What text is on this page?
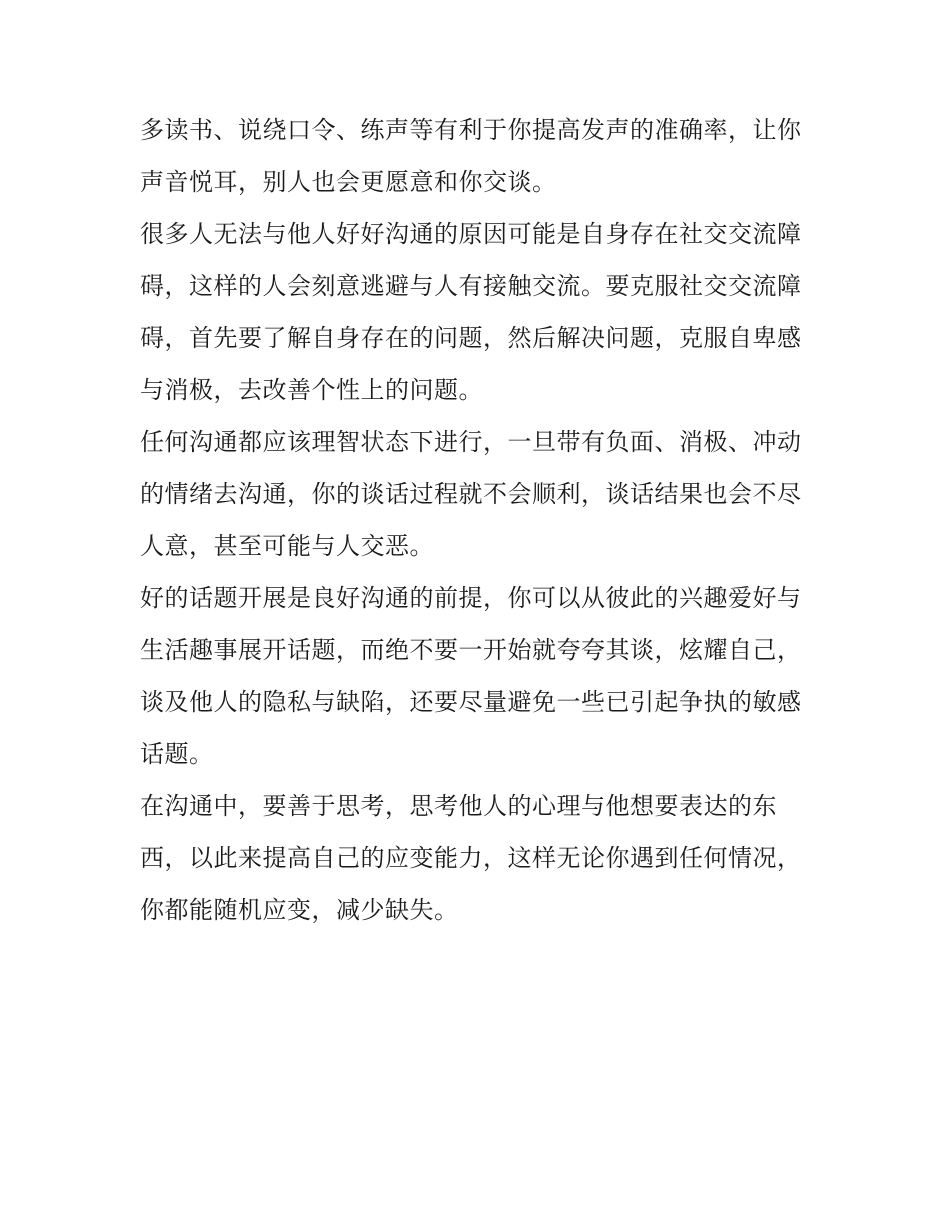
多读书、说绕口令、练声等有利于你提高发声的准确率，让你
声音悦耳，别人也会更愿意和你交谈。
很多人无法与他人好好沟通的原因可能是自身存在社交交流障
碍，这样的人会刻意逃避与人有接触交流。要克服社交交流障
碍，首先要了解自身存在的问题，然后解决问题，克服自卑感
与消极，去改善个性上的问题。
任何沟通都应该理智状态下进行，一旦带有负面、消极、冲动
的情绪去沟通，你的谈话过程就不会顺利，谈话结果也会不尽
人意，甚至可能与人交恶。
好的话题开展是良好沟通的前提，你可以从彼此的兴趣爱好与
生活趣事展开话题，而绝不要一开始就夸夸其谈，炫耀自己，
谈及他人的隐私与缺陷，还要尽量避免一些已引起争执的敏感
话题。
在沟通中，要善于思考，思考他人的心理与他想要表达的东
西，以此来提高自己的应变能力，这样无论你遇到任何情况，
你都能随机应变，减少缺失。
